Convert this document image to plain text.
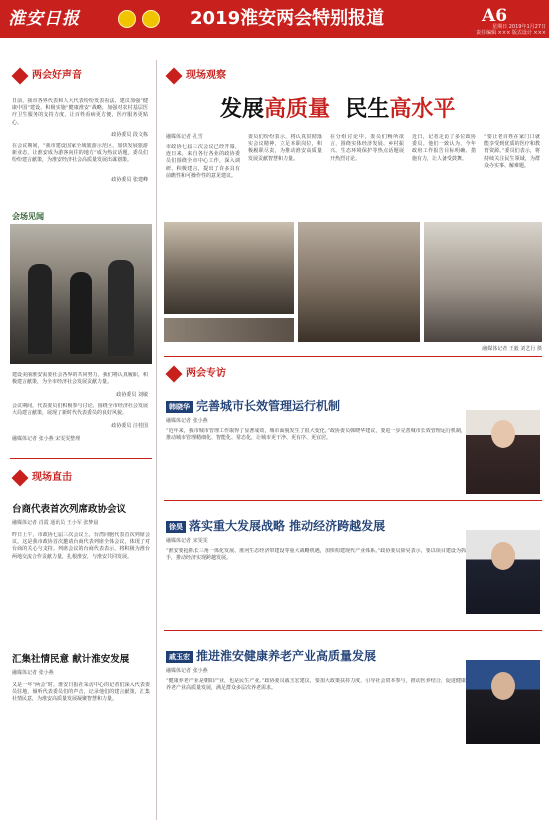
淮安日报	2019淮安两会特别报道	A6
星期日 2019年1月27日
责任编辑 ××× 版式设计 ×××
两会好声音
日前，我市各界代表和人大代表纷纷发表看法，建议加强“健康中国”建设，积极实施“健康淮安”战略，加强对农村基层医疗卫生服务的支持力度，让百姓看病更方便，医疗服务更贴心。
政协委员 段文栋
在会议期间，“我市建设国家全域旅游示范区，加快发展旅游新业态，让淮安成为游客向往的地方”成为热议话题。委员们纷纷建言献策，为淮安经济社会高质量发展出谋划策。
政协委员 张建峰
会场见闻
建设美丽淮安需要社会各界的共同努力，我们将认真履职，积极建言献策，为全市经济社会发展贡献力量。
政协委员 刘敏
会议期间，代表委员们积极参与讨论，围绕全市经济社会发展大局建言献策，展现了新时代代表委员的良好风貌。
政协委员 汪桂国
融媒体记者 张小燕 宋雯雯整理
现场直击
台商代表首次列席政协会议
融媒体记者 肖霞 通讯员 王小军 张梦晨
昨日上午，市政协七届三次会议上，台湾同胞代表首次列席会议。这是我市政协首次邀请台商代表列席全体会议，体现了对台商的关心与支持。列席会议的台商代表表示，将积极为淮台两地交流合作贡献力量，扎根淮安，与淮安共同发展。
汇集社情民意 献计淮安发展
融媒体记者 张小燕
又是一年“两会”时，淮安日报社采访中心的记者们深入代表委员驻地，倾听代表委员们的声音，记录他们的建言献策，汇集社情民意，为淮安高质量发展凝聚智慧和力量。
现场观察
发展高质量 民生高水平
融媒体记者 孔雪
市政协七届三次会议已经开幕，连日来，来自各行各业的政协委员们围绕全市中心工作，深入调研、积极建言，提出了许多具有前瞻性和可操作性的意见建议。
委员们纷纷表示，将认真贯彻落实会议精神，立足本职岗位，积极履职尽责，为推动淮安高质量发展贡献智慧和力量。
在分组讨论中，委员们畅所欲言，围绕实体经济发展、乡村振兴、生态环境保护等热点话题展开热烈讨论。
近日，记者走访了多位政协委员。他们一致认为，今年政府工作报告目标明确、措施有力，让人备受鼓舞。
“要让老百姓在家门口就能享受到优质的医疗和教育资源。”委员们表示，将持续关注民生领域，为群众办实事、解难题。
融媒体记者 王毅 刘艺行 摄
两会专访
韩晓华 完善城市长效管理运行机制
融媒体记者 张小燕
“近年来，我市城市管理工作取得了显著成效，城市面貌发生了很大变化。”政协委员韩晓华建议，要进一步完善城市长效管理运行机制，推动城市管理精细化、智能化、常态化，让城市更干净、更有序、更宜居。
徐昊 落实重大发展战略 推动经济跨越发展
融媒体记者 宋雯雯
“淮安要抢抓长三角一体化发展、淮河生态经济带建设等重大战略机遇，加快构建现代产业体系。”政协委员徐昊表示，要以项目建设为抓手，推动经济实现跨越发展。
戚玉宏 推进淮安健康养老产业高质量发展
融媒体记者 张小燕
“健康养老产业是朝阳产业，也是民生产业。”政协委员戚玉宏建议，要加大政策扶持力度，引导社会资本参与，推动医养结合，促进健康养老产业高质量发展，满足群众多层次养老需求。
